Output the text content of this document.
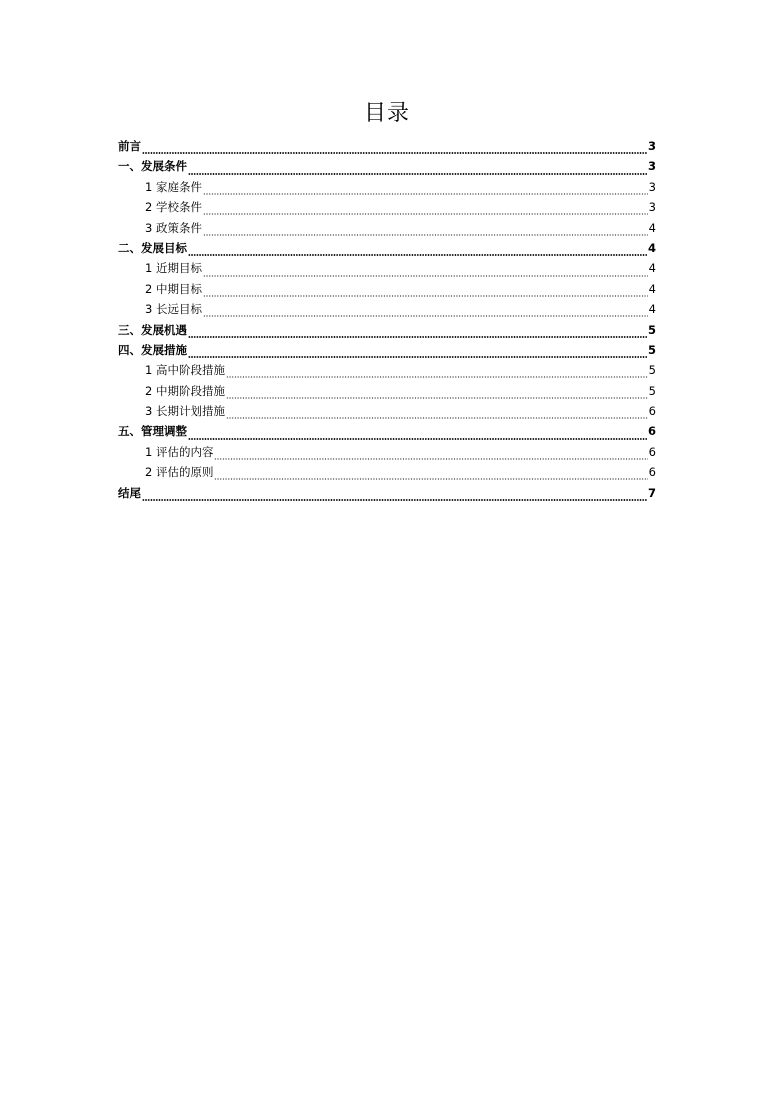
目录
前言	3
一、发展条件	3
1 家庭条件	3
2 学校条件	3
3 政策条件	4
二、发展目标	4
1 近期目标	4
2 中期目标	4
3 长远目标	4
三、发展机遇	5
四、发展措施	5
1 高中阶段措施	5
2 中期阶段措施	5
3 长期计划措施	6
五、管理调整	6
1 评估的内容	6
2 评估的原则	6
结尾	7
